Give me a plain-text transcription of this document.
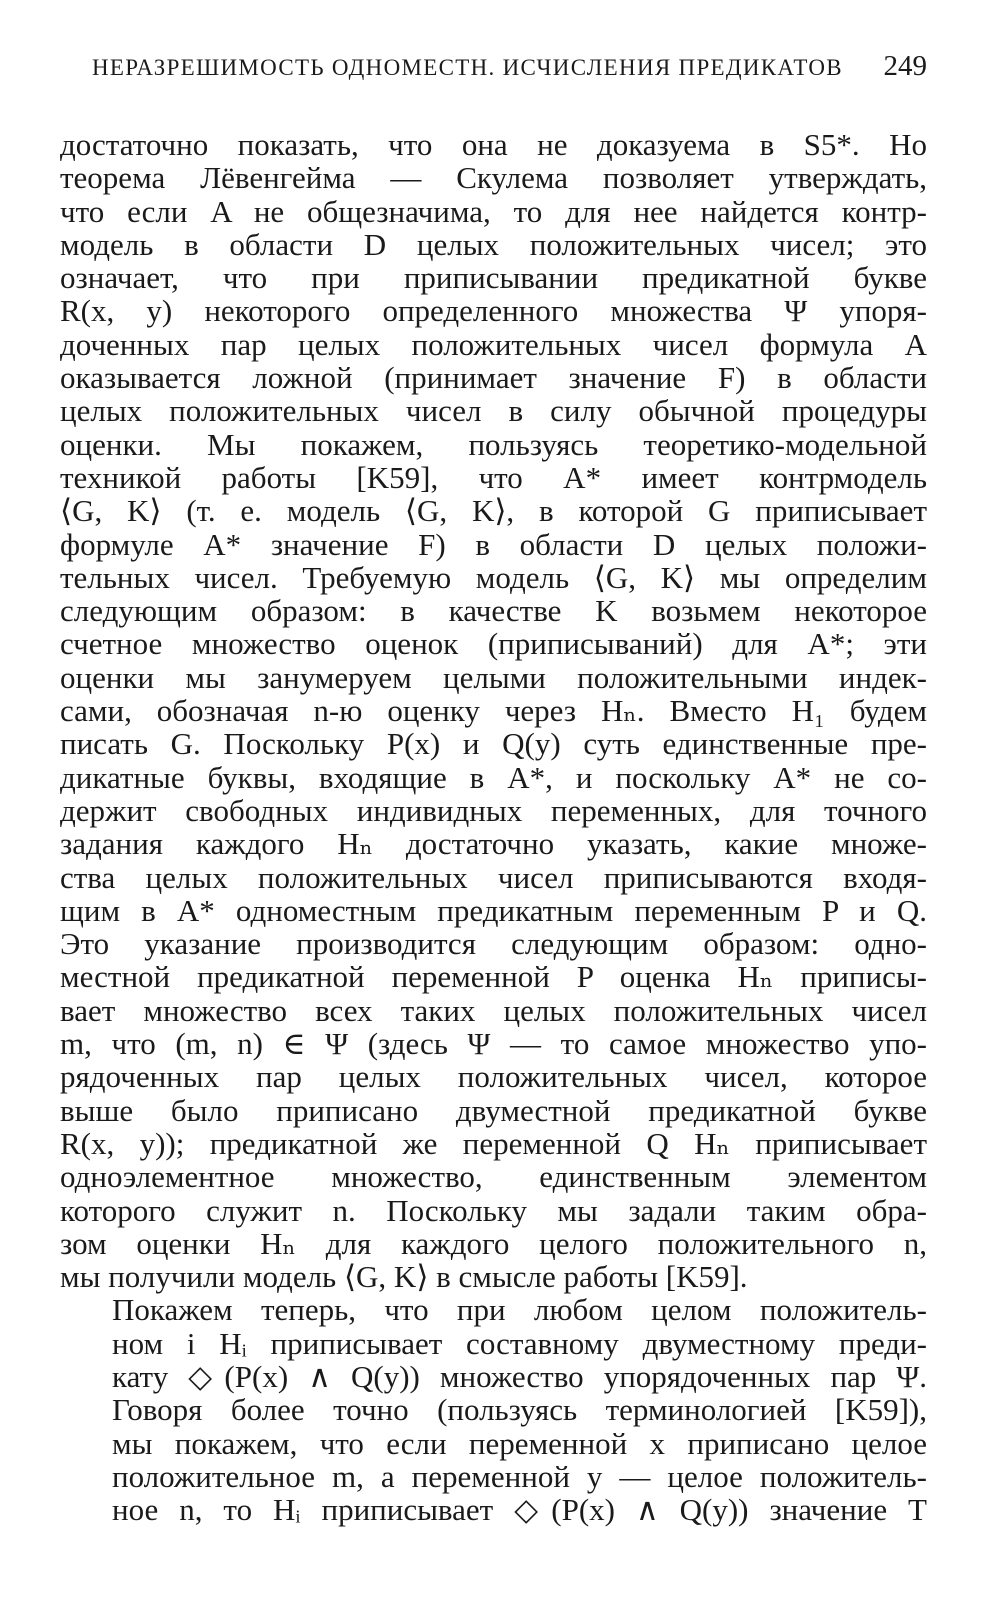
НЕРАЗРЕШИМОСТЬ ОДНОМЕСТН. ИСЧИСЛЕНИЯ ПРЕДИКАТОВ 249

достаточно показать, что она не доказуема в S5*. Но
теорема Лёвенгейма — Скулема позволяет утверждать,
что если A не общезначима, то для нее найдется контр-
модель в области D целых положительных чисел; это
означает, что при приписывании предикатной букве
R(x, y) некоторого определенного множества Ψ упоря-
доченных пар целых положительных чисел формула A
оказывается ложной (принимает значение F) в области
целых положительных чисел в силу обычной процедуры
оценки. Мы покажем, пользуясь теоретико-модельной
техникой работы [K59], что A* имеет контрмодель
⟨G, K⟩ (т. е. модель ⟨G, K⟩, в которой G приписывает
формуле A* значение F) в области D целых положи-
тельных чисел. Требуемую модель ⟨G, K⟩ мы определим
следующим образом: в качестве K возьмем некоторое
счетное множество оценок (приписываний) для A*; эти
оценки мы занумеруем целыми положительными индек-
сами, обозначая n-ю оценку через Hₙ. Вместо H₁ будем
писать G. Поскольку P(x) и Q(y) суть единственные пре-
дикатные буквы, входящие в A*, и поскольку A* не со-
держит свободных индивидных переменных, для точного
задания каждого Hₙ достаточно указать, какие множе-
ства целых положительных чисел приписываются входя-
щим в A* одноместным предикатным переменным P и Q.
Это указание производится следующим образом: одно-
местной предикатной переменной P оценка Hₙ приписы-
вает множество всех таких целых положительных чисел
m, что (m, n) ∈ Ψ (здесь Ψ — то самое множество упо-
рядоченных пар целых положительных чисел, которое
выше было приписано двуместной предикатной букве
R(x, y)); предикатной же переменной Q Hₙ приписывает
одноэлементное множество, единственным элементом
которого служит n. Поскольку мы задали таким обра-
зом оценки Hₙ для каждого целого положительного n,
мы получили модель ⟨G, K⟩ в смысле работы [K59].

Покажем теперь, что при любом целом положитель-
ном i Hᵢ приписывает составному двуместному преди-
кату ◇(P(x) ∧ Q(y)) множество упорядоченных пар Ψ.
Говоря более точно (пользуясь терминологией [K59]),
мы покажем, что если переменной x приписано целое
положительное m, а переменной y — целое положитель-
ное n, то Hᵢ приписывает ◇(P(x) ∧ Q(y)) значение T
